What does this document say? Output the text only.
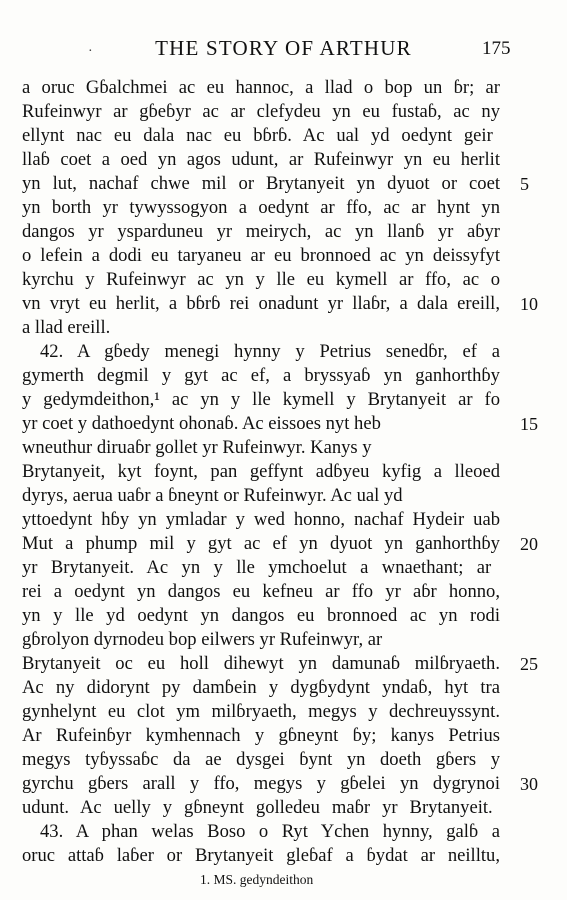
·	THE STORY OF ARTHUR	175
a oruc Gɓalchmei ac eu hannoc, a llad o bop un ɓr; ar
Rufeinwyr ar gɓeɓyr ac ar clefydeu yn eu fustaɓ, ac ny
ellynt nac eu dala nac eu bɓrɓ. Ac ual yd oedynt geir
llaɓ coet a oed yn agos udunt, ar Rufeinwyr yn eu herlit
yn lut, nachaf chwe mil or Brytanyeit yn dyuot or coet 5
yn borth yr tywyssogyon a oedynt ar ffo, ac ar hynt yn
dangos yr ysparduneu yr meirych, ac yn llanɓ yr aɓyr
o lefein a dodi eu taryaneu ar eu bronnoed ac yn deissyfyt
kyrchu y Rufeinwyr ac yn y lle eu kymell ar ffo, ac o
vn vryt eu herlit, a bɓrɓ rei onadunt yr llaɓr, a dala ereill, 10
a llad ereill.
42. A gɓedy menegi hynny y Petrius senedɓr, ef a
gymerth degmil y gyt ac ef, a bryssyaɓ yn ganhorthɓy
y gedymdeithon,¹ ac yn y lle kymell y Brytanyeit ar fo
yr coet y dathoedynt ohonaɓ. Ac eissoes nyt heb	15
wneuthur diruaɓr gollet yr Rufeinwyr. Kanys y
Brytanyeit, kyt foynt, pan geffynt adɓyeu kyfig a lleoed
dyrys, aerua uaɓr a ɓneynt or Rufeinwyr. Ac ual yd
yttoedynt hɓy yn ymladar y wed honno, nachaf Hydeir uab
Mut a phump mil y gyt ac ef yn dyuot yn ganhorthɓy 20
yr Brytanyeit. Ac yn y lle ymchoelut a wnaethant; ar
rei a oedynt yn dangos eu kefneu ar ffo yr aɓr honno,
yn y lle yd oedynt yn dangos eu bronnoed ac yn rodi
gɓrolyon dyrnodeu bop eilwers yr Rufeinwyr, ar
Brytanyeit oc eu holl dihewyt yn damunaɓ milɓryaeth. 25
Ac ny didorynt py damɓein y dygɓydynt yndaɓ, hyt tra
gynhelynt eu clot ym milɓryaeth, megys y dechreuyssynt.
Ar Rufeinɓyr kymhennach y gɓneynt ɓy; kanys Petrius
megys tyɓyssaɓc da ae dysgei ɓynt yn doeth gɓers y
gyrchu gɓers arall y ffo, megys y gɓelei yn dygrynoi 30
udunt. Ac uelly y gɓneynt golledeu maɓr yr Brytanyeit.
43. A phan welas Boso o Ryt Ychen hynny, galɓ a
oruc attaɓ laɓer or Brytanyeit gleɓaf a ɓydat ar neilltu,
1. MS. gedyndeithon
